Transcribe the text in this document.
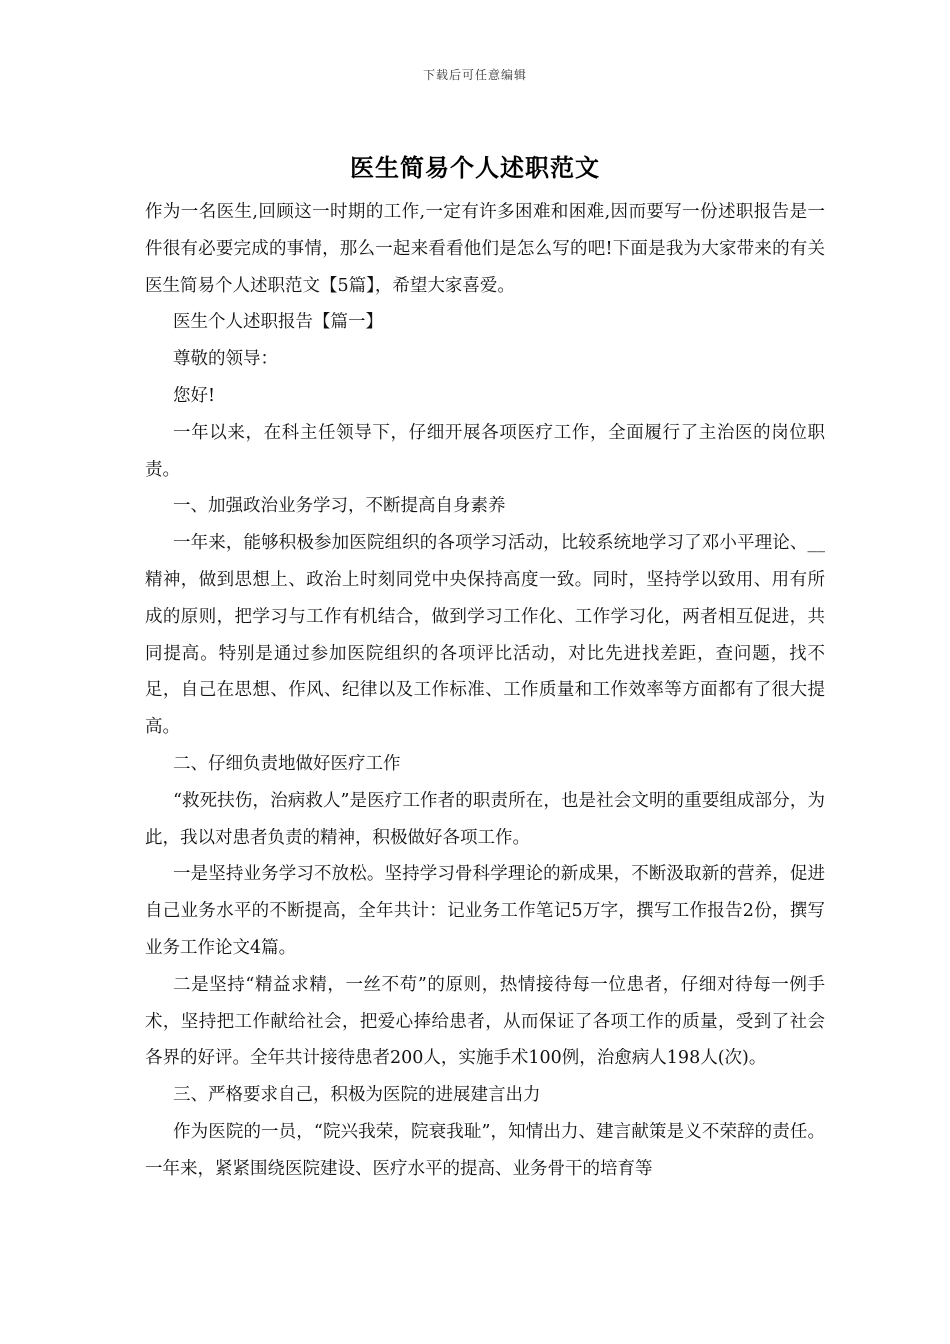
下载后可任意编辑
医生简易个人述职范文

作为一名医生,回顾这一时期的工作,一定有许多困难和困难,因而要写一份述职报告是一件很有必要完成的事情，那么一起来看看他们是怎么写的吧!下面是我为大家带来的有关医生简易个人述职范文【5篇】，希望大家喜爱。

医生个人述职报告【篇一】

尊敬的领导：

您好!

一年以来，在科主任领导下，仔细开展各项医疗工作，全面履行了主治医的岗位职责。

一、加强政治业务学习，不断提高自身素养

一年来，能够积极参加医院组织的各项学习活动，比较系统地学习了邓小平理论、__精神，做到思想上、政治上时刻同党中央保持高度一致。同时，坚持学以致用、用有所成的原则，把学习与工作有机结合，做到学习工作化、工作学习化，两者相互促进，共同提高。特别是通过参加医院组织的各项评比活动，对比先进找差距，查问题，找不足，自己在思想、作风、纪律以及工作标准、工作质量和工作效率等方面都有了很大提高。

二、仔细负责地做好医疗工作

“救死扶伤，治病救人”是医疗工作者的职责所在，也是社会文明的重要组成部分，为此，我以对患者负责的精神，积极做好各项工作。

一是坚持业务学习不放松。坚持学习骨科学理论的新成果，不断汲取新的营养，促进自己业务水平的不断提高，全年共计：记业务工作笔记5万字，撰写工作报告2份，撰写业务工作论文4篇。

二是坚持“精益求精，一丝不苟”的原则，热情接待每一位患者，仔细对待每一例手术，坚持把工作献给社会，把爱心捧给患者，从而保证了各项工作的质量，受到了社会各界的好评。全年共计接待患者200人，实施手术100例，治愈病人198人(次)。

三、严格要求自己，积极为医院的进展建言出力

作为医院的一员，“院兴我荣，院衰我耻”，知情出力、建言献策是义不荣辞的责任。一年来，紧紧围绕医院建设、医疗水平的提高、业务骨干的培育等
